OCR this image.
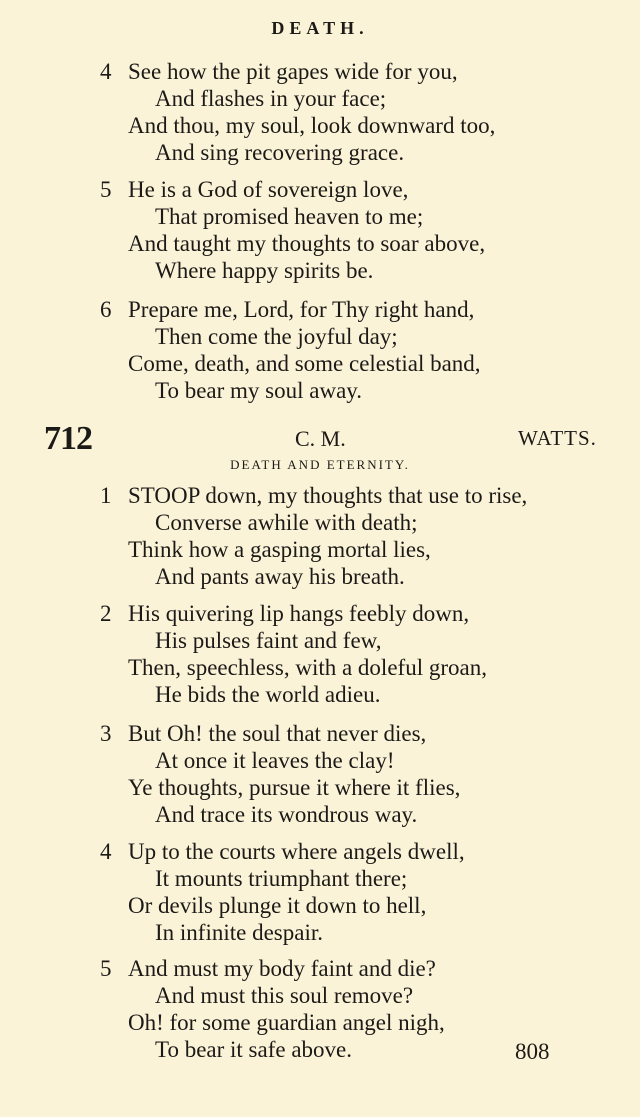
DEATH.
4 See how the pit gapes wide for you,
And flashes in your face;
And thou, my soul, look downward too,
And sing recovering grace.
5 He is a God of sovereign love,
That promised heaven to me;
And taught my thoughts to soar above,
Where happy spirits be.
6 Prepare me, Lord, for Thy right hand,
Then come the joyful day;
Come, death, and some celestial band,
To bear my soul away.
712	C. M.	WATTS.
DEATH AND ETERNITY.
1 STOOP down, my thoughts that use to rise,
Converse awhile with death;
Think how a gasping mortal lies,
And pants away his breath.
2 His quivering lip hangs feebly down,
His pulses faint and few,
Then, speechless, with a doleful groan,
He bids the world adieu.
3 But Oh! the soul that never dies,
At once it leaves the clay!
Ye thoughts, pursue it where it flies,
And trace its wondrous way.
4 Up to the courts where angels dwell,
It mounts triumphant there;
Or devils plunge it down to hell,
In infinite despair.
5 And must my body faint and die?
And must this soul remove?
Oh! for some guardian angel nigh,
To bear it safe above.	808
